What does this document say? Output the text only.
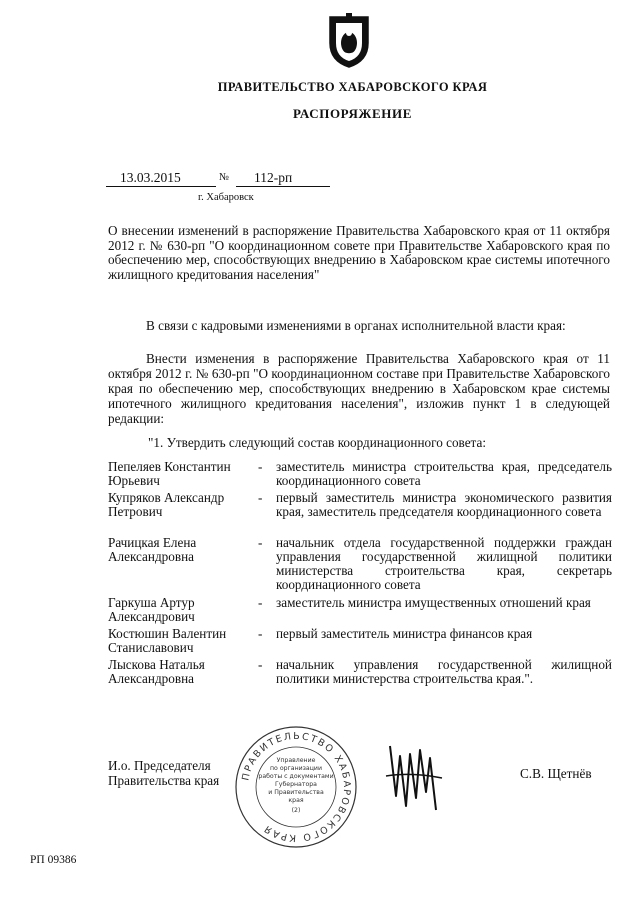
ПРАВИТЕЛЬСТВО ХАБАРОВСКОГО КРАЯ
РАСПОРЯЖЕНИЕ
13.03.2015	№	112-рп
г. Хабаровск
О внесении изменений в распоряжение Правительства Хабаровского края от 11 октября 2012 г. № 630-рп "О координационном совете при Правительстве Хабаровского края по обеспечению мер, способствующих внедрению в Хабаровском крае системы ипотечного жилищного кредитования населения"
В связи с кадровыми изменениями в органах исполнительной власти края:
Внести изменения в распоряжение Правительства Хабаровского края от 11 октября 2012 г. № 630-рп "О координационном составе при Правительстве Хабаровского края по обеспечению мер, способствующих внедрению в Хабаровском крае системы ипотечного жилищного кредитования населения", изложив пункт 1 в следующей редакции:
"1. Утвердить следующий состав координационного совета:
Пепеляев Константин Юрьевич
-	заместитель министра строительства края, председатель координационного совета
Купряков Александр Петрович
-	первый заместитель министра экономического развития края, заместитель председателя координационного совета
Рачицкая Елена Александровна
-	начальник отдела государственной поддержки граждан управления государственной жилищной политики министерства строительства края, секретарь координационного совета
Гаркуша Артур Александрович
-	заместитель министра имущественных отношений края
Костюшин Валентин Станиславович
-	первый заместитель министра финансов края
Лыскова Наталья Александровна
-	начальник управления государственной жилищной политики министерства строительства края.".
И.о. Председателя
Правительства края ПРАВИТЕЛЬСТВО ХАБАРОВСКОГО КРАЯ
Управление
по организации
работы с документами
Губернатора
и Правительства
края
(2)
С.В. Щетнёв
РП 09386
